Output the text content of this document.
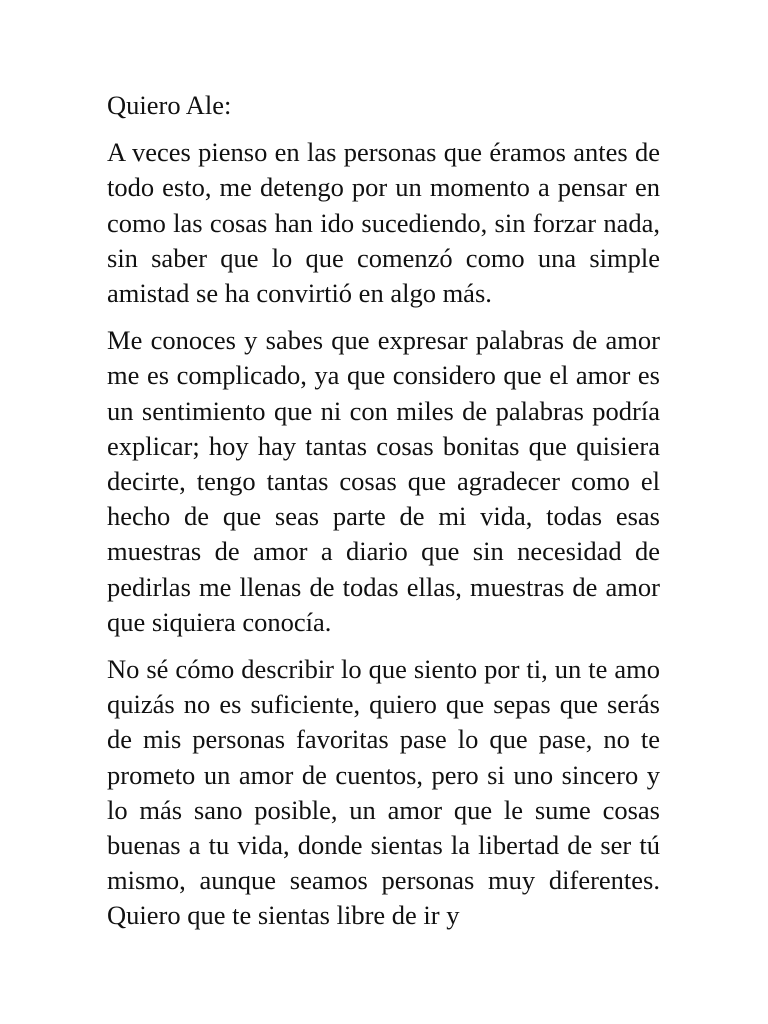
Quiero Ale:

A veces pienso en las personas que éramos antes de todo esto, me detengo por un momento a pensar en como las cosas han ido sucediendo, sin forzar nada, sin saber que lo que comenzó como una simple amistad se ha convirtió en algo más.

Me conoces y sabes que expresar palabras de amor me es complicado, ya que considero que el amor es un sentimiento que ni con miles de palabras podría explicar; hoy hay tantas cosas bonitas que quisiera decirte, tengo tantas cosas que agradecer como el hecho de que seas parte de mi vida, todas esas muestras de amor a diario que sin necesidad de pedirlas me llenas de todas ellas, muestras de amor que siquiera conocía.

No sé cómo describir lo que siento por ti, un te amo quizás no es suficiente, quiero que sepas que serás de mis personas favoritas pase lo que pase, no te prometo un amor de cuentos, pero si uno sincero y lo más sano posible, un amor que le sume cosas buenas a tu vida, donde sientas la libertad de ser tú mismo, aunque seamos personas muy diferentes. Quiero que te sientas libre de ir y
